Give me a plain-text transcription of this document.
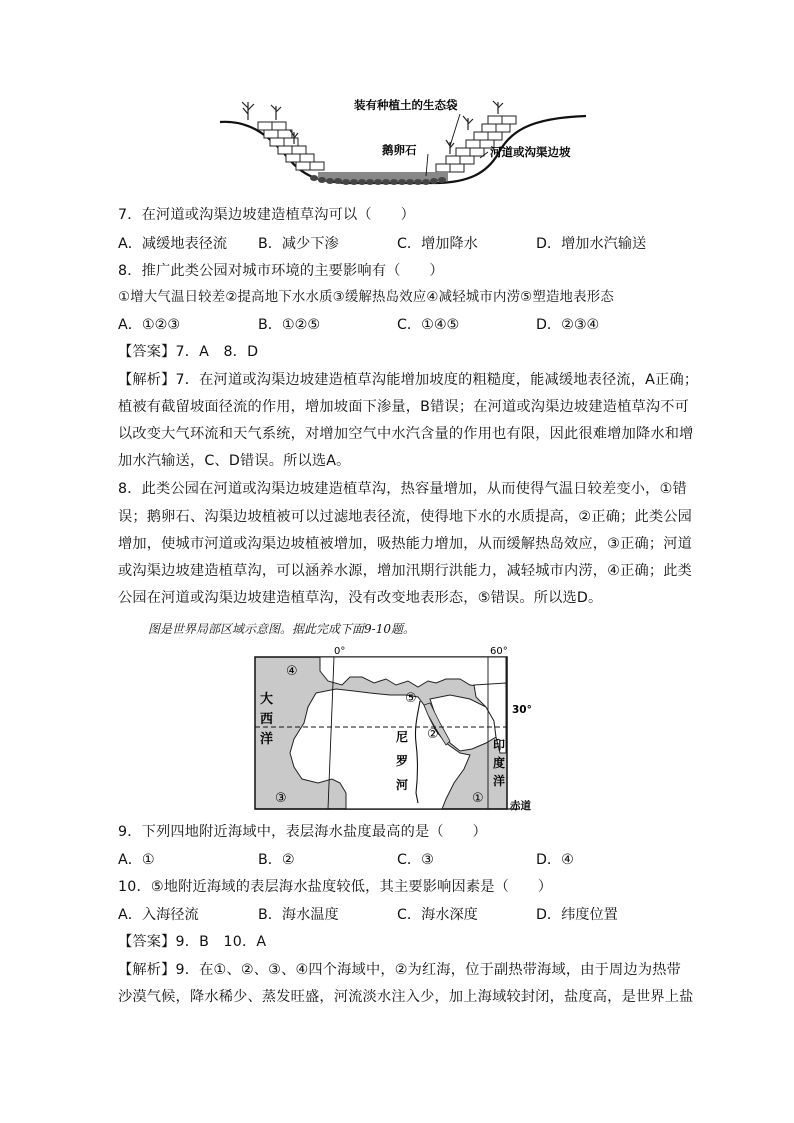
装有种植土的生态袋
鹅卵石	河道或沟渠边坡
7．在河道或沟渠边坡建造植草沟可以（　　）
A．减缓地表径流 B．减少下渗	C．增加降水	D．增加水汽输送
8．推广此类公园对城市环境的主要影响有（　　）
①增大气温日较差②提高地下水水质③缓解热岛效应④减轻城市内涝⑤塑造地表形态
A．①②③	B．①②⑤	C．①④⑤	D．②③④
【答案】7．A　8．D
【解析】7．在河道或沟渠边坡建造植草沟能增加坡度的粗糙度，能减缓地表径流，A正确；
植被有截留坡面径流的作用，增加坡面下渗量，B错误；在河道或沟渠边坡建造植草沟不可
以改变大气环流和天气系统，对增加空气中水汽含量的作用也有限，因此很难增加降水和增
加水汽输送，C、D错误。所以选A。
8．此类公园在河道或沟渠边坡建造植草沟，热容量增加，从而使得气温日较差变小，①错
误；鹅卵石、沟渠边坡植被可以过滤地表径流，使得地下水的水质提高，②正确；此类公园
增加，使城市河道或沟渠边坡植被增加，吸热能力增加，从而缓解热岛效应，③正确；河道
或沟渠边坡建造植草沟，可以涵养水源，增加汛期行洪能力，减轻城市内涝，④正确；此类
公园在河道或沟渠边坡建造植草沟，没有改变地表形态，⑤错误。所以选D。
图是世界局部区域示意图。据此完成下面9-10题。
0°	60°
30°
赤道
大
西
洋	印
度
洋
尼
罗
河
④
⑤
②
③	①
9．下列四地附近海域中，表层海水盐度最高的是（　　）
A．①	B．②	C．③	D．④
10．⑤地附近海域的表层海水盐度较低，其主要影响因素是（　　）
A．入海径流	B．海水温度	C．海水深度	D．纬度位置
【答案】9．B　10．A
【解析】9．在①、②、③、④四个海域中，②为红海，位于副热带海域，由于周边为热带
沙漠气候，降水稀少、蒸发旺盛，河流淡水注入少，加上海域较封闭，盐度高，是世界上盐
